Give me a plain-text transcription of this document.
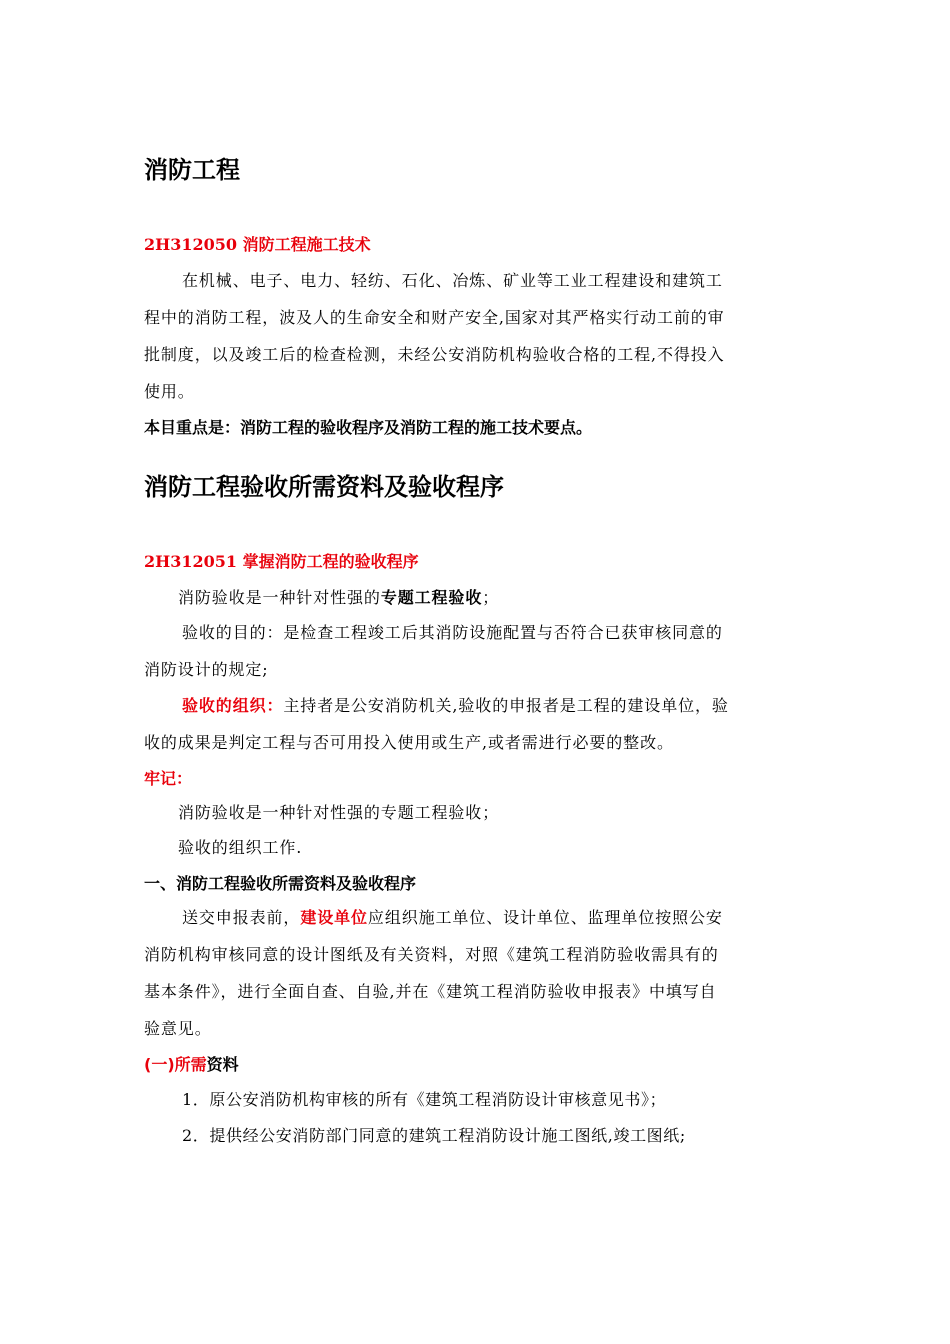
消防工程
2H312050 消防工程施工技术
在机械、电子、电力、轻纺、石化、冶炼、矿业等工业工程建设和建筑工
程中的消防工程，波及人的生命安全和财产安全,国家对其严格实行动工前的审
批制度，以及竣工后的检查检测，未经公安消防机构验收合格的工程,不得投入
使用。
本目重点是：消防工程的验收程序及消防工程的施工技术要点。
消防工程验收所需资料及验收程序
2H312051 掌握消防工程的验收程序
消防验收是一种针对性强的专题工程验收；
验收的目的：是检查工程竣工后其消防设施配置与否符合已获审核同意的
消防设计的规定;
验收的组织：主持者是公安消防机关,验收的申报者是工程的建设单位，验
收的成果是判定工程与否可用投入使用或生产,或者需进行必要的整改。
牢记：
消防验收是一种针对性强的专题工程验收；
验收的组织工作.
一、消防工程验收所需资料及验收程序
送交申报表前，建设单位应组织施工单位、设计单位、监理单位按照公安
消防机构审核同意的设计图纸及有关资料，对照《建筑工程消防验收需具有的
基本条件》，进行全面自查、自验,并在《建筑工程消防验收申报表》中填写自
验意见。
(一)所需资料
1．原公安消防机构审核的所有《建筑工程消防设计审核意见书》；
2．提供经公安消防部门同意的建筑工程消防设计施工图纸,竣工图纸;
